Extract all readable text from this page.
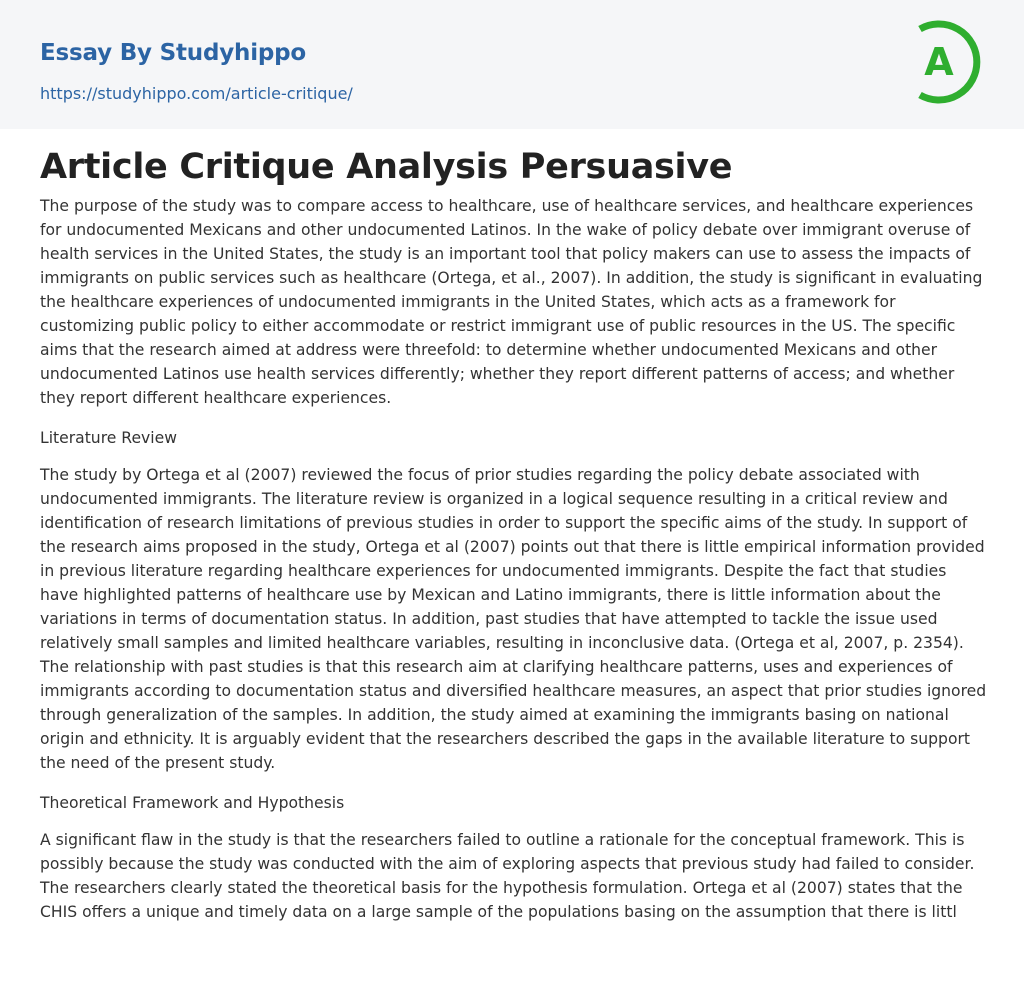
Essay By Studyhippo
https://studyhippo.com/article-critique/
A
Article Critique Analysis Persuasive

The purpose of the study was to compare access to healthcare, use of healthcare services, and healthcare experiences for undocumented Mexicans and other undocumented Latinos. In the wake of policy debate over immigrant overuse of health services in the United States, the study is an important tool that policy makers can use to assess the impacts of immigrants on public services such as healthcare (Ortega, et al., 2007). In addition, the study is significant in evaluating the healthcare experiences of undocumented immigrants in the United States, which acts as a framework for customizing public policy to either accommodate or restrict immigrant use of public resources in the US. The specific aims that the research aimed at address were threefold: to determine whether undocumented Mexicans and other undocumented Latinos use health services differently; whether they report different patterns of access; and whether they report different healthcare experiences.

Literature Review

The study by Ortega et al (2007) reviewed the focus of prior studies regarding the policy debate associated with undocumented immigrants. The literature review is organized in a logical sequence resulting in a critical review and identification of research limitations of previous studies in order to support the specific aims of the study. In support of the research aims proposed in the study, Ortega et al (2007) points out that there is little empirical information provided in previous literature regarding healthcare experiences for undocumented immigrants. Despite the fact that studies have highlighted patterns of healthcare use by Mexican and Latino immigrants, there is little information about the variations in terms of documentation status. In addition, past studies that have attempted to tackle the issue used relatively small samples and limited healthcare variables, resulting in inconclusive data. (Ortega et al, 2007, p. 2354). The relationship with past studies is that this research aim at clarifying healthcare patterns, uses and experiences of immigrants according to documentation status and diversified healthcare measures, an aspect that prior studies ignored through generalization of the samples. In addition, the study aimed at examining the immigrants basing on national origin and ethnicity. It is arguably evident that the researchers described the gaps in the available literature to support the need of the present study.

Theoretical Framework and Hypothesis

A significant flaw in the study is that the researchers failed to outline a rationale for the conceptual framework. This is possibly because the study was conducted with the aim of exploring aspects that previous study had failed to consider. The researchers clearly stated the theoretical basis for the hypothesis formulation. Ortega et al (2007) states that the CHIS offers a unique and timely data on a large sample of the populations basing on the assumption that there is littl
